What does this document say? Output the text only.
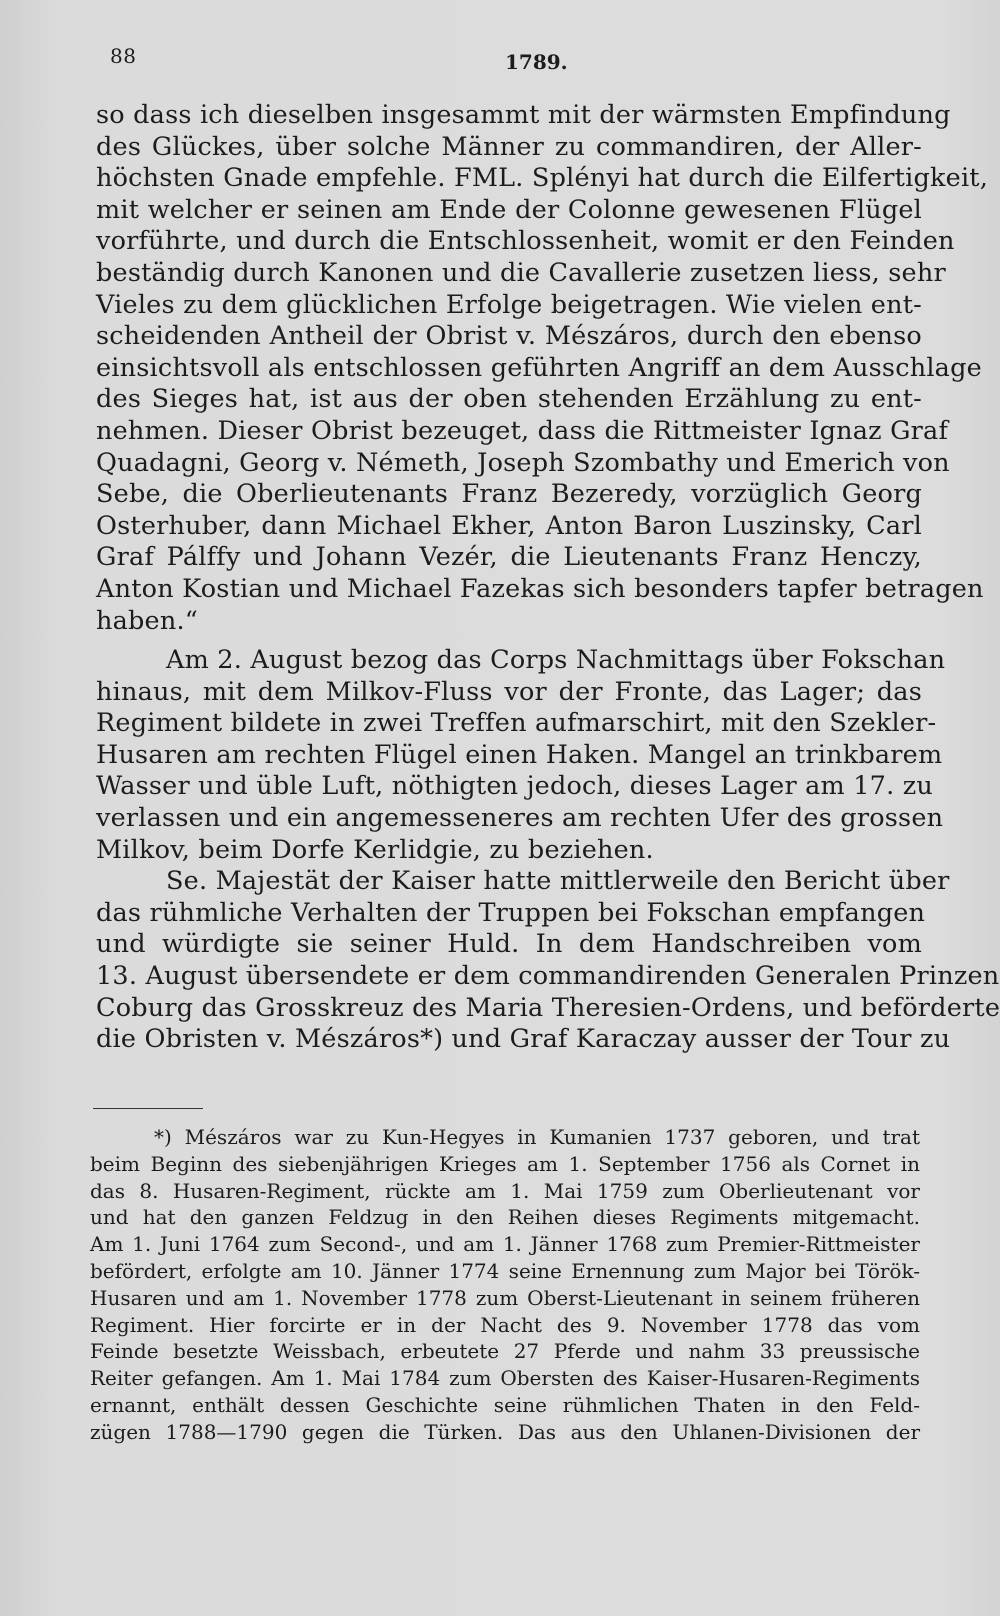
88	1789.
so dass ich dieselben insgesammt mit der wärmsten Empfindung
des Glückes, über solche Männer zu commandiren, der Aller-
höchsten Gnade empfehle. FML. Splényi hat durch die Eilfertigkeit,
mit welcher er seinen am Ende der Colonne gewesenen Flügel
vorführte, und durch die Entschlossenheit, womit er den Feinden
beständig durch Kanonen und die Cavallerie zusetzen liess, sehr
Vieles zu dem glücklichen Erfolge beigetragen. Wie vielen ent-
scheidenden Antheil der Obrist v. Mészáros, durch den ebenso
einsichtsvoll als entschlossen geführten Angriff an dem Ausschlage
des Sieges hat, ist aus der oben stehenden Erzählung zu ent-
nehmen. Dieser Obrist bezeuget, dass die Rittmeister Ignaz Graf
Quadagni, Georg v. Németh, Joseph Szombathy und Emerich von
Sebe, die Oberlieutenants Franz Bezeredy, vorzüglich Georg
Osterhuber, dann Michael Ekher, Anton Baron Luszinsky, Carl
Graf Pálffy und Johann Vezér, die Lieutenants Franz Henczy,
Anton Kostian und Michael Fazekas sich besonders tapfer betragen
haben.“
Am 2. August bezog das Corps Nachmittags über Fokschan
hinaus, mit dem Milkov-Fluss vor der Fronte, das Lager; das
Regiment bildete in zwei Treffen aufmarschirt, mit den Szekler-
Husaren am rechten Flügel einen Haken. Mangel an trinkbarem
Wasser und üble Luft, nöthigten jedoch, dieses Lager am 17. zu
verlassen und ein angemesseneres am rechten Ufer des grossen
Milkov, beim Dorfe Kerlidgie, zu beziehen.
Se. Majestät der Kaiser hatte mittlerweile den Bericht über
das rühmliche Verhalten der Truppen bei Fokschan empfangen
und würdigte sie seiner Huld. In dem Handschreiben vom
13. August übersendete er dem commandirenden Generalen Prinzen
Coburg das Grosskreuz des Maria Theresien-Ordens, und beförderte
die Obristen v. Mészáros*) und Graf Karaczay ausser der Tour zu
*) Mészáros war zu Kun-Hegyes in Kumanien 1737 geboren, und trat
beim Beginn des siebenjährigen Krieges am 1. September 1756 als Cornet in
das 8. Husaren-Regiment, rückte am 1. Mai 1759 zum Oberlieutenant vor
und hat den ganzen Feldzug in den Reihen dieses Regiments mitgemacht.
Am 1. Juni 1764 zum Second-, und am 1. Jänner 1768 zum Premier-Rittmeister
befördert, erfolgte am 10. Jänner 1774 seine Ernennung zum Major bei Török-
Husaren und am 1. November 1778 zum Oberst-Lieutenant in seinem früheren
Regiment. Hier forcirte er in der Nacht des 9. November 1778 das vom
Feinde besetzte Weissbach, erbeutete 27 Pferde und nahm 33 preussische
Reiter gefangen. Am 1. Mai 1784 zum Obersten des Kaiser-Husaren-Regiments
ernannt, enthält dessen Geschichte seine rühmlichen Thaten in den Feld-
zügen 1788—1790 gegen die Türken. Das aus den Uhlanen-Divisionen der
